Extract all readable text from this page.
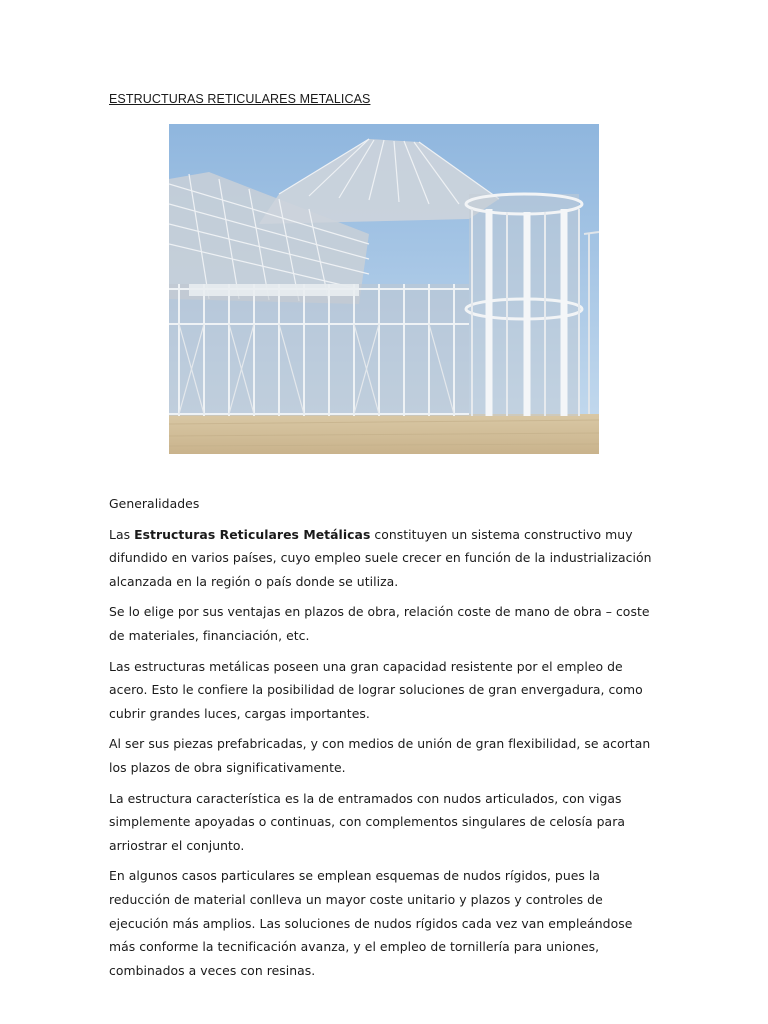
ESTRUCTURAS RETICULARES METALICAS

Generalidades

Las Estructuras Reticulares Metálicas constituyen un sistema constructivo muy difundido en varios países, cuyo empleo suele crecer en función de la industrialización alcanzada en la región o país donde se utiliza.

Se lo elige por sus ventajas en plazos de obra, relación coste de mano de obra – coste de materiales, financiación, etc.

Las estructuras metálicas poseen una gran capacidad resistente por el empleo de acero. Esto le confiere la posibilidad de lograr soluciones de gran envergadura, como cubrir grandes luces, cargas importantes.

Al ser sus piezas prefabricadas, y con medios de unión de gran flexibilidad, se acortan los plazos de obra significativamente.

La estructura característica es la de entramados con nudos articulados, con vigas simplemente apoyadas o continuas, con complementos singulares de celosía para arriostrar el conjunto.

En algunos casos particulares se emplean esquemas de nudos rígidos, pues la reducción de material conlleva un mayor coste unitario y plazos y controles de ejecución más amplios. Las soluciones de nudos rígidos cada vez van empleándose más conforme la tecnificación avanza, y el empleo de tornillería para uniones, combinados a veces con resinas.
